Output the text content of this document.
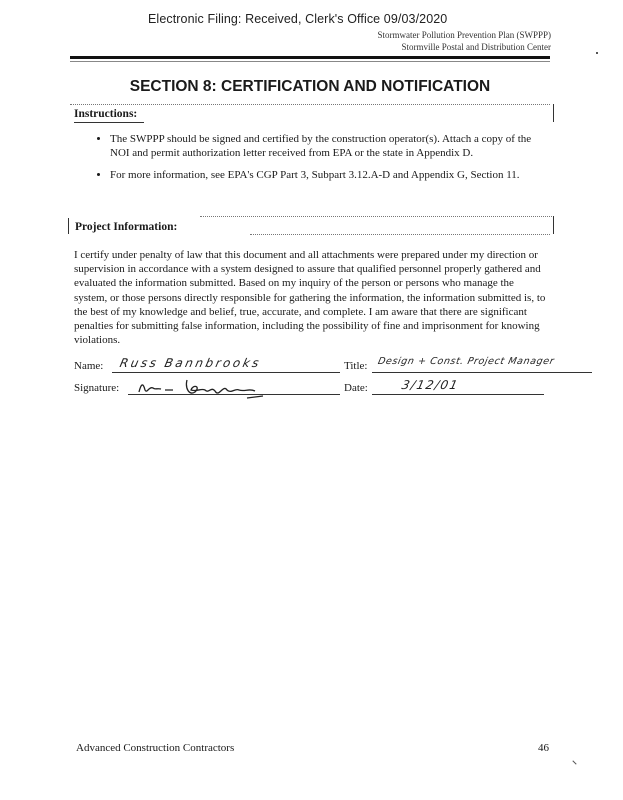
Electronic Filing: Received, Clerk's Office 09/03/2020
Stormwater Pollution Prevention Plan (SWPPP)
Stormville Postal and Distribution Center
SECTION 8: CERTIFICATION AND NOTIFICATION
Instructions:
• The SWPPP should be signed and certified by the construction operator(s). Attach a copy of the NOI and permit authorization letter received from EPA or the state in Appendix D.
• For more information, see EPA's CGP Part 3, Subpart 3.12.A-D and Appendix G, Section 11.
Project Information:
I certify under penalty of law that this document and all attachments were prepared under my direction or supervision in accordance with a system designed to assure that qualified personnel properly gathered and evaluated the information submitted. Based on my inquiry of the person or persons who manage the system, or those persons directly responsible for gathering the information, the information submitted is, to the best of my knowledge and belief, true, accurate, and complete. I am aware that there are significant penalties for submitting false information, including the possibility of fine and imprisonment for knowing violations.
Name: Russ Bannbrooks	Title: Design + Const. Project Manager
Signature:	Date:	3/12/01
Advanced Construction Contractors	46
